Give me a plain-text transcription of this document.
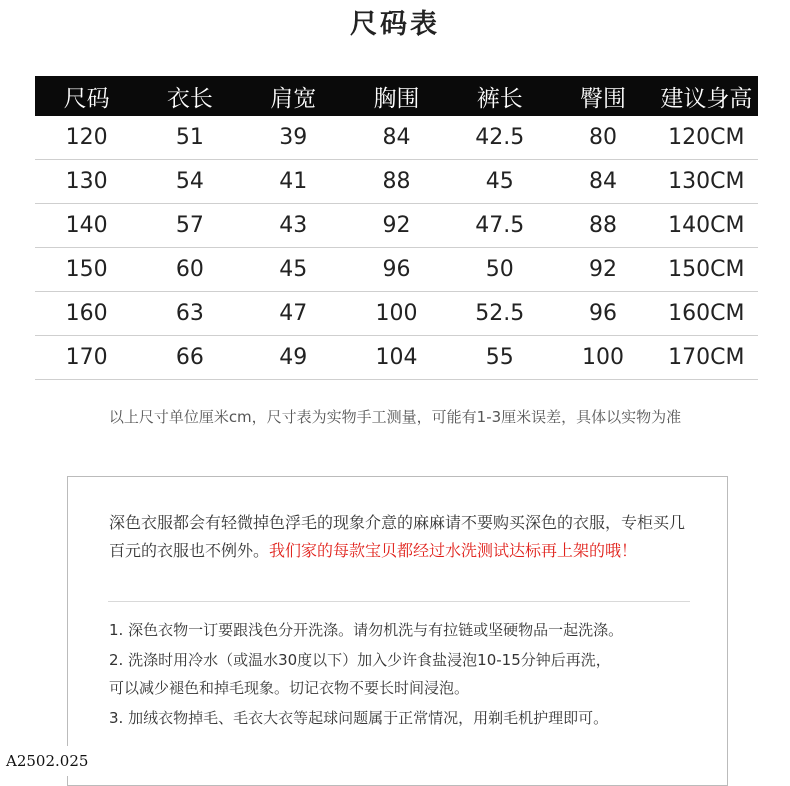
尺码表
尺码	衣长	肩宽	胸围	裤长	臀围	建议身高
120	51	39	84	42.5	80	120CM
130	54	41	88	45	84	130CM
140	57	43	92	47.5	88	140CM
150	60	45	96	50	92	150CM
160	63	47	100	52.5	96	160CM
170	66	49	104	55	100	170CM
以上尺寸单位厘米cm，尺寸表为实物手工测量，可能有1-3厘米误差，具体以实物为准
深色衣服都会有轻微掉色浮毛的现象介意的麻麻请不要购买深色的衣服，专柜买几百元的衣服也不例外。我们家的每款宝贝都经过水洗测试达标再上架的哦！

1. 深色衣物一订要跟浅色分开洗涤。请勿机洗与有拉链或坚硬物品一起洗涤。

2. 洗涤时用冷水（或温水30度以下）加入少许食盐浸泡10-15分钟后再洗，

可以减少褪色和掉毛现象。切记衣物不要长时间浸泡。

3. 加绒衣物掉毛、毛衣大衣等起球问题属于正常情况，用剃毛机护理即可。

A2502.025
